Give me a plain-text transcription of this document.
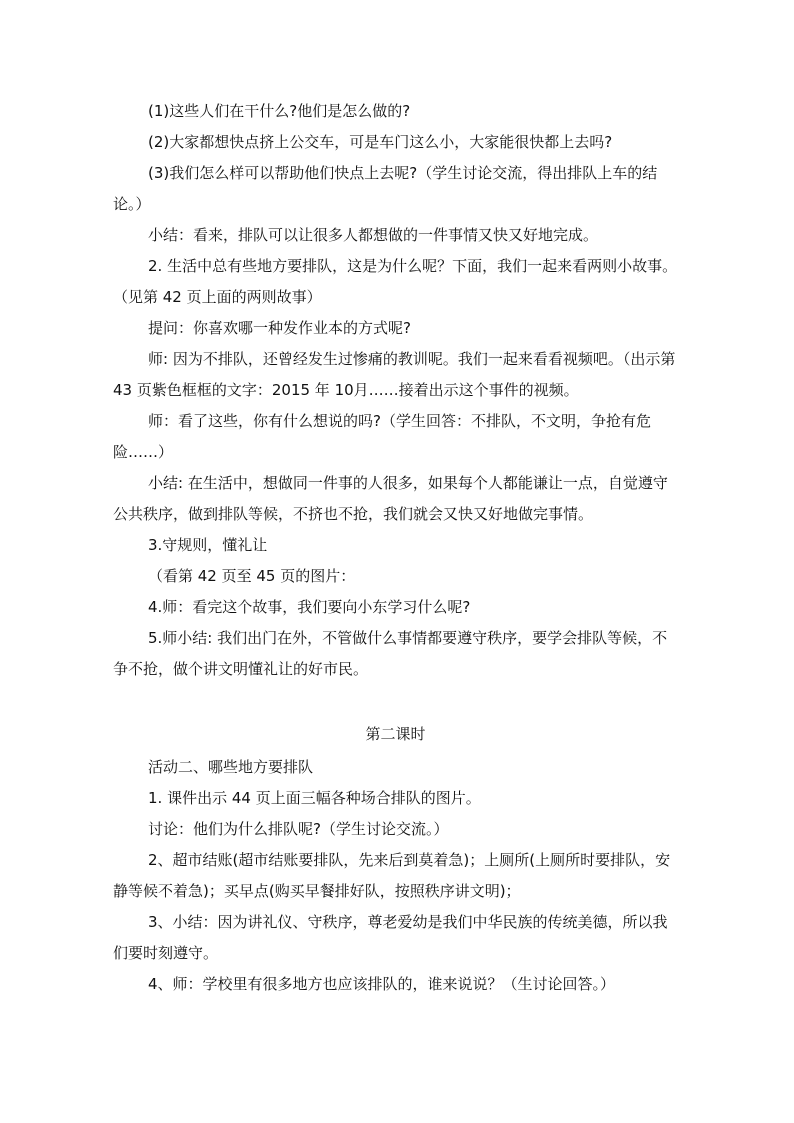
(1)这些人们在干什么?他们是怎么做的?

(2)大家都想快点挤上公交车，可是车门这么小，大家能很快都上去吗?

(3)我们怎么样可以帮助他们快点上去呢?（学生讨论交流，得出排队上车的结论。）

小结：看来，排队可以让很多人都想做的一件事情又快又好地完成。

2. 生活中总有些地方要排队，这是为什么呢？下面，我们一起来看两则小故事。（见第 42 页上面的两则故事）

提问：你喜欢哪一种发作业本的方式呢?

师: 因为不排队，还曾经发生过惨痛的教训呢。我们一起来看看视频吧。（出示第 43 页紫色框框的文字：2015 年 10月……接着出示这个事件的视频。

师：看了这些，你有什么想说的吗?（学生回答：不排队，不文明，争抢有危险……）

小结: 在生活中，想做同一件事的人很多，如果每个人都能谦让一点，自觉遵守公共秩序，做到排队等候，不挤也不抢，我们就会又快又好地做完事情。

3.守规则，懂礼让

（看第 42 页至 45 页的图片：

4.师：看完这个故事，我们要向小东学习什么呢?

5.师小结: 我们出门在外，不管做什么事情都要遵守秩序，要学会排队等候，不争不抢，做个讲文明懂礼让的好市民。

第二课时

活动二、哪些地方要排队

1. 课件出示 44 页上面三幅各种场合排队的图片。

讨论：他们为什么排队呢?（学生讨论交流。）

2、超市结账(超市结账要排队，先来后到莫着急)；上厕所(上厕所时要排队，安静等候不着急)；买早点(购买早餐排好队，按照秩序讲文明)；

3、小结：因为讲礼仪、守秩序，尊老爱幼是我们中华民族的传统美德，所以我们要时刻遵守。

4、师：学校里有很多地方也应该排队的，谁来说说？（生讨论回答。）
